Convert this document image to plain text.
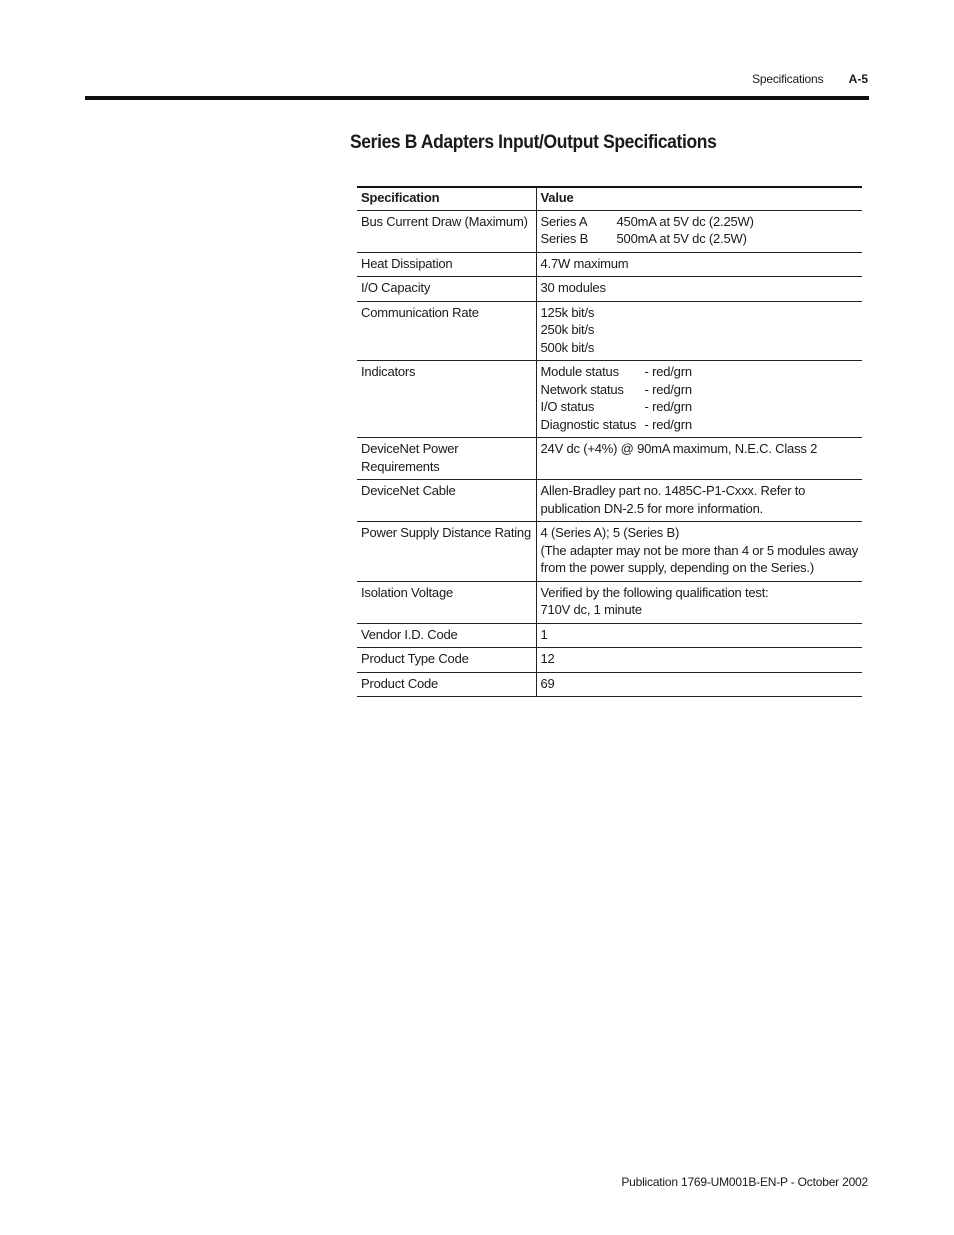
Specifications A-5
Series B Adapters Input/Output Specifications
Specification	Value
Bus Current Draw (Maximum)	Series A 450mA at 5V dc (2.25W)
Series B 500mA at 5V dc (2.5W)

Heat Dissipation	4.7W maximum

I/O Capacity	30 modules

Communication Rate	125k bit/s
250k bit/s
500k bit/s

Indicators	Module status - red/grn
Network status - red/grn
I/O status - red/grn
Diagnostic status - red/grn

DeviceNet Power Requirements	24V dc (+4%) @ 90mA maximum, N.E.C. Class 2

DeviceNet Cable	Allen-Bradley part no. 1485C-P1-Cxxx. Refer to
publication DN-2.5 for more information.

Power Supply Distance Rating	4 (Series A); 5 (Series B)
(The adapter may not be more than 4 or 5 modules away
from the power supply, depending on the Series.)

Isolation Voltage	Verified by the following qualification test:
710V dc, 1 minute

Vendor I.D. Code	1

Product Type Code	12

Product Code	69
Publication 1769-UM001B-EN-P - October 2002
